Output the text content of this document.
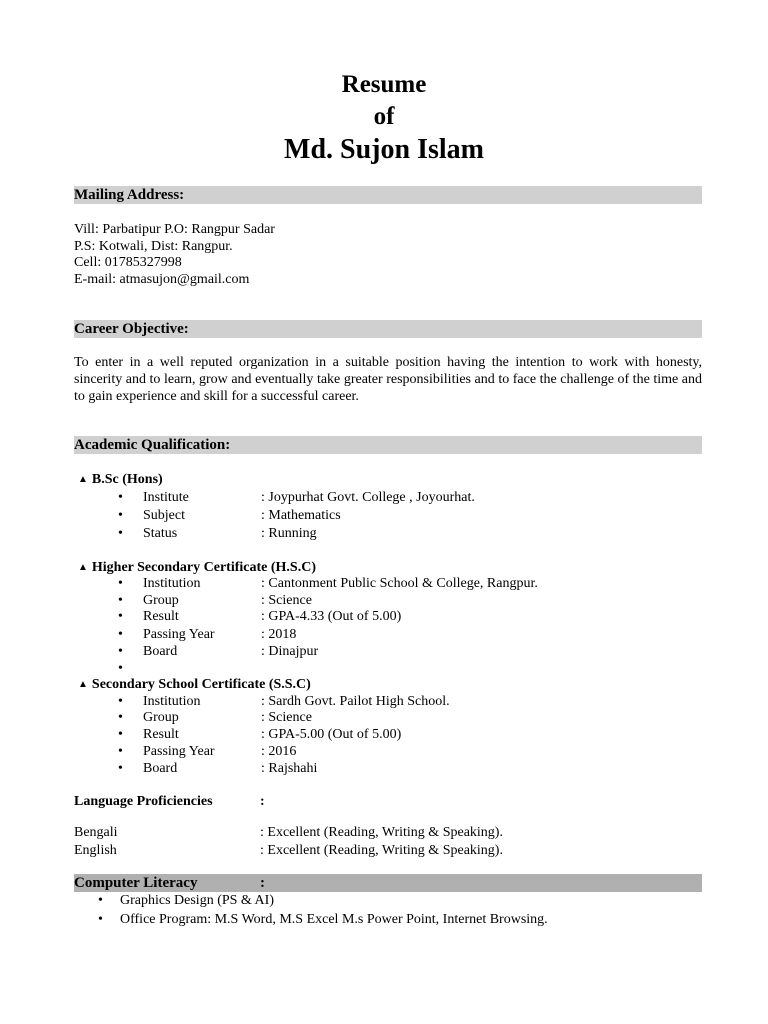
Resume
of
Md. Sujon Islam
Mailing Address:
Vill: Parbatipur P.O: Rangpur Sadar
P.S: Kotwali, Dist: Rangpur.
Cell: 01785327998
E-mail: atmasujon@gmail.com
Career Objective:
To enter in a well reputed organization in a suitable position having the intention to work with honesty, sincerity and to learn, grow and eventually take greater responsibilities and to face the challenge of the time and to gain experience and skill for a successful career.
Academic Qualification:
▲ B.Sc (Hons)
• Institute	: Joypurhat Govt. College , Joyourhat.
• Subject	: Mathematics
• Status	: Running
▲ Higher Secondary Certificate (H.S.C)
• Institution	: Cantonment Public School & College, Rangpur.
• Group	: Science
• Result	: GPA-4.33 (Out of 5.00)
• Passing Year	: 2018
• Board	: Dinajpur
•
▲ Secondary School Certificate (S.S.C)
• Institution	: Sardh Govt. Pailot High School.
• Group	: Science
• Result	: GPA-5.00 (Out of 5.00)
• Passing Year	: 2016
• Board	: Rajshahi
Language Proficiencies	:
Bengali	: Excellent (Reading, Writing & Speaking).
English	: Excellent (Reading, Writing & Speaking).
Computer Literacy	:
• Graphics Design (PS & AI)
• Office Program: M.S Word, M.S Excel M.s Power Point, Internet Browsing.
